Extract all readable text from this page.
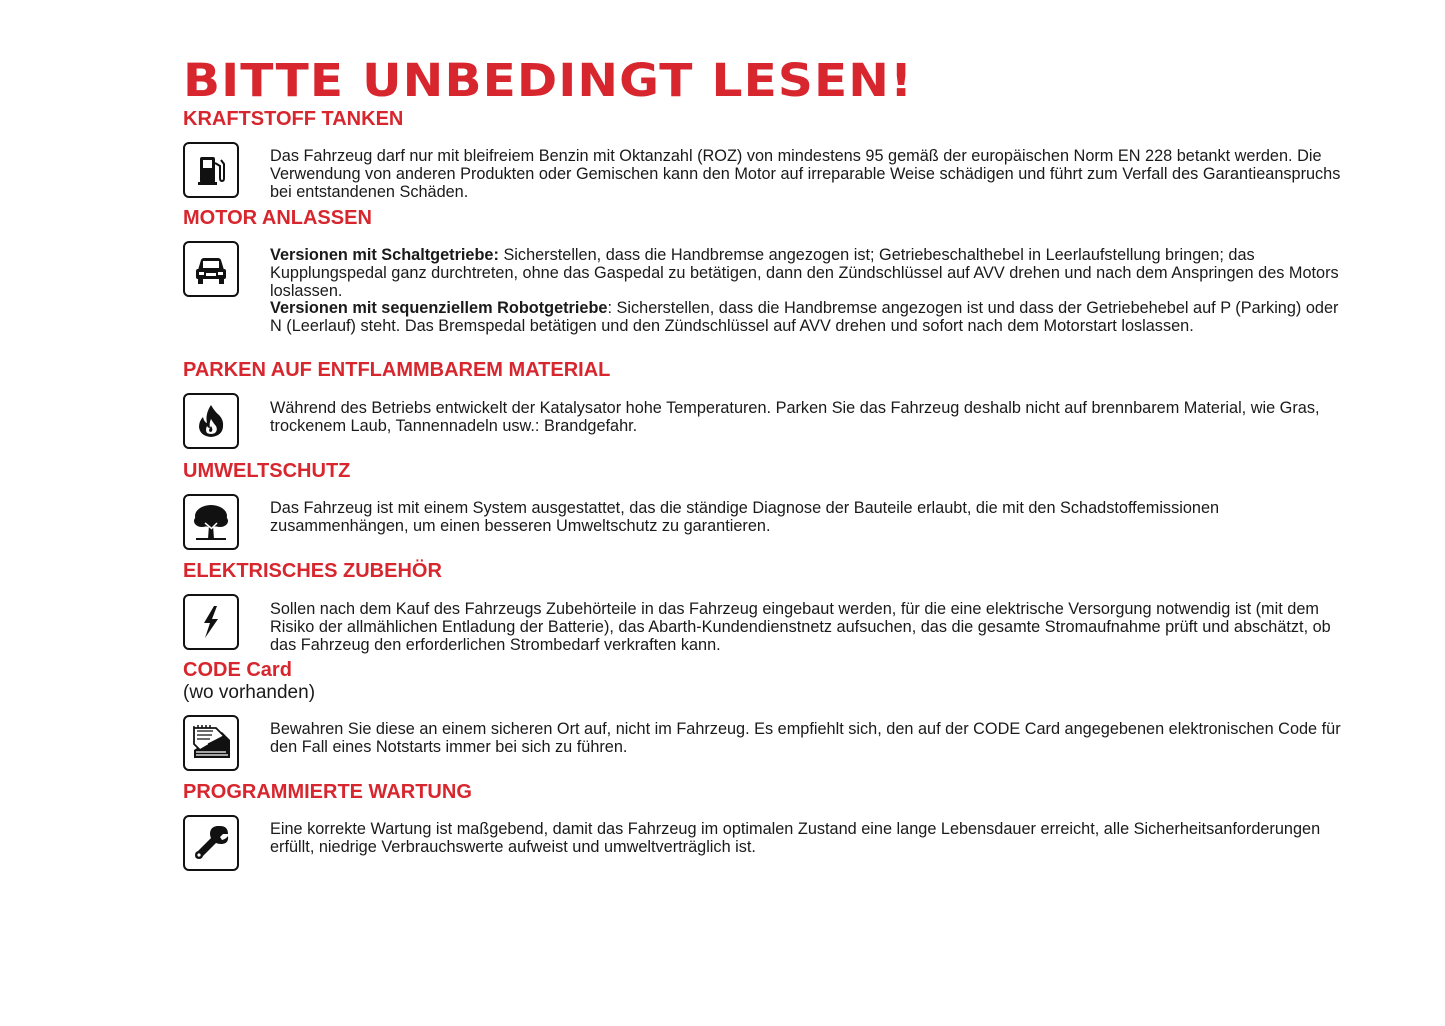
BITTE UNBEDINGT LESEN!
KRAFTSTOFF TANKEN

Das Fahrzeug darf nur mit bleifreiem Benzin mit Oktanzahl (ROZ) von mindestens 95 gemäß der europäischen Norm EN 228 betankt werden. Die Verwendung von anderen Produkten oder Gemischen kann den Motor auf irreparable Weise schädigen und führt zum Verfall des Garantieanspruchs bei entstandenen Schäden.

MOTOR ANLASSEN

Versionen mit Schaltgetriebe: Sicherstellen, dass die Handbremse angezogen ist; Getriebeschalthebel in Leerlaufstellung bringen; das Kupplungspedal ganz durchtreten, ohne das Gaspedal zu betätigen, dann den Zündschlüssel auf AVV drehen und nach dem Anspringen des Motors loslassen.

Versionen mit sequenziellem Robotgetriebe: Sicherstellen, dass die Handbremse angezogen ist und dass der Getriebehebel auf P (Parking) oder N (Leerlauf) steht. Das Bremspedal betätigen und den Zündschlüssel auf AVV drehen und sofort nach dem Motorstart loslassen.

PARKEN AUF ENTFLAMMBAREM MATERIAL

Während des Betriebs entwickelt der Katalysator hohe Temperaturen. Parken Sie das Fahrzeug deshalb nicht auf brennbarem Material, wie Gras, trockenem Laub, Tannennadeln usw.: Brandgefahr.

UMWELTSCHUTZ

Das Fahrzeug ist mit einem System ausgestattet, das die ständige Diagnose der Bauteile erlaubt, die mit den Schadstoffemissionen zusammenhängen, um einen besseren Umweltschutz zu garantieren.

ELEKTRISCHES ZUBEHÖR

Sollen nach dem Kauf des Fahrzeugs Zubehörteile in das Fahrzeug eingebaut werden, für die eine elektrische Versorgung notwendig ist (mit dem Risiko der allmählichen Entladung der Batterie), das Abarth-Kundendienstnetz aufsuchen, das die gesamte Stromaufnahme prüft und abschätzt, ob das Fahrzeug den erforderlichen Strombedarf verkraften kann.

CODE Card

(wo vorhanden)

Bewahren Sie diese an einem sicheren Ort auf, nicht im Fahrzeug. Es empfiehlt sich, den auf der CODE Card angegebenen elektronischen Code für den Fall eines Notstarts immer bei sich zu führen.

PROGRAMMIERTE WARTUNG

Eine korrekte Wartung ist maßgebend, damit das Fahrzeug im optimalen Zustand eine lange Lebensdauer erreicht, alle Sicherheitsanforderungen erfüllt, niedrige Verbrauchswerte aufweist und umweltverträglich ist.
